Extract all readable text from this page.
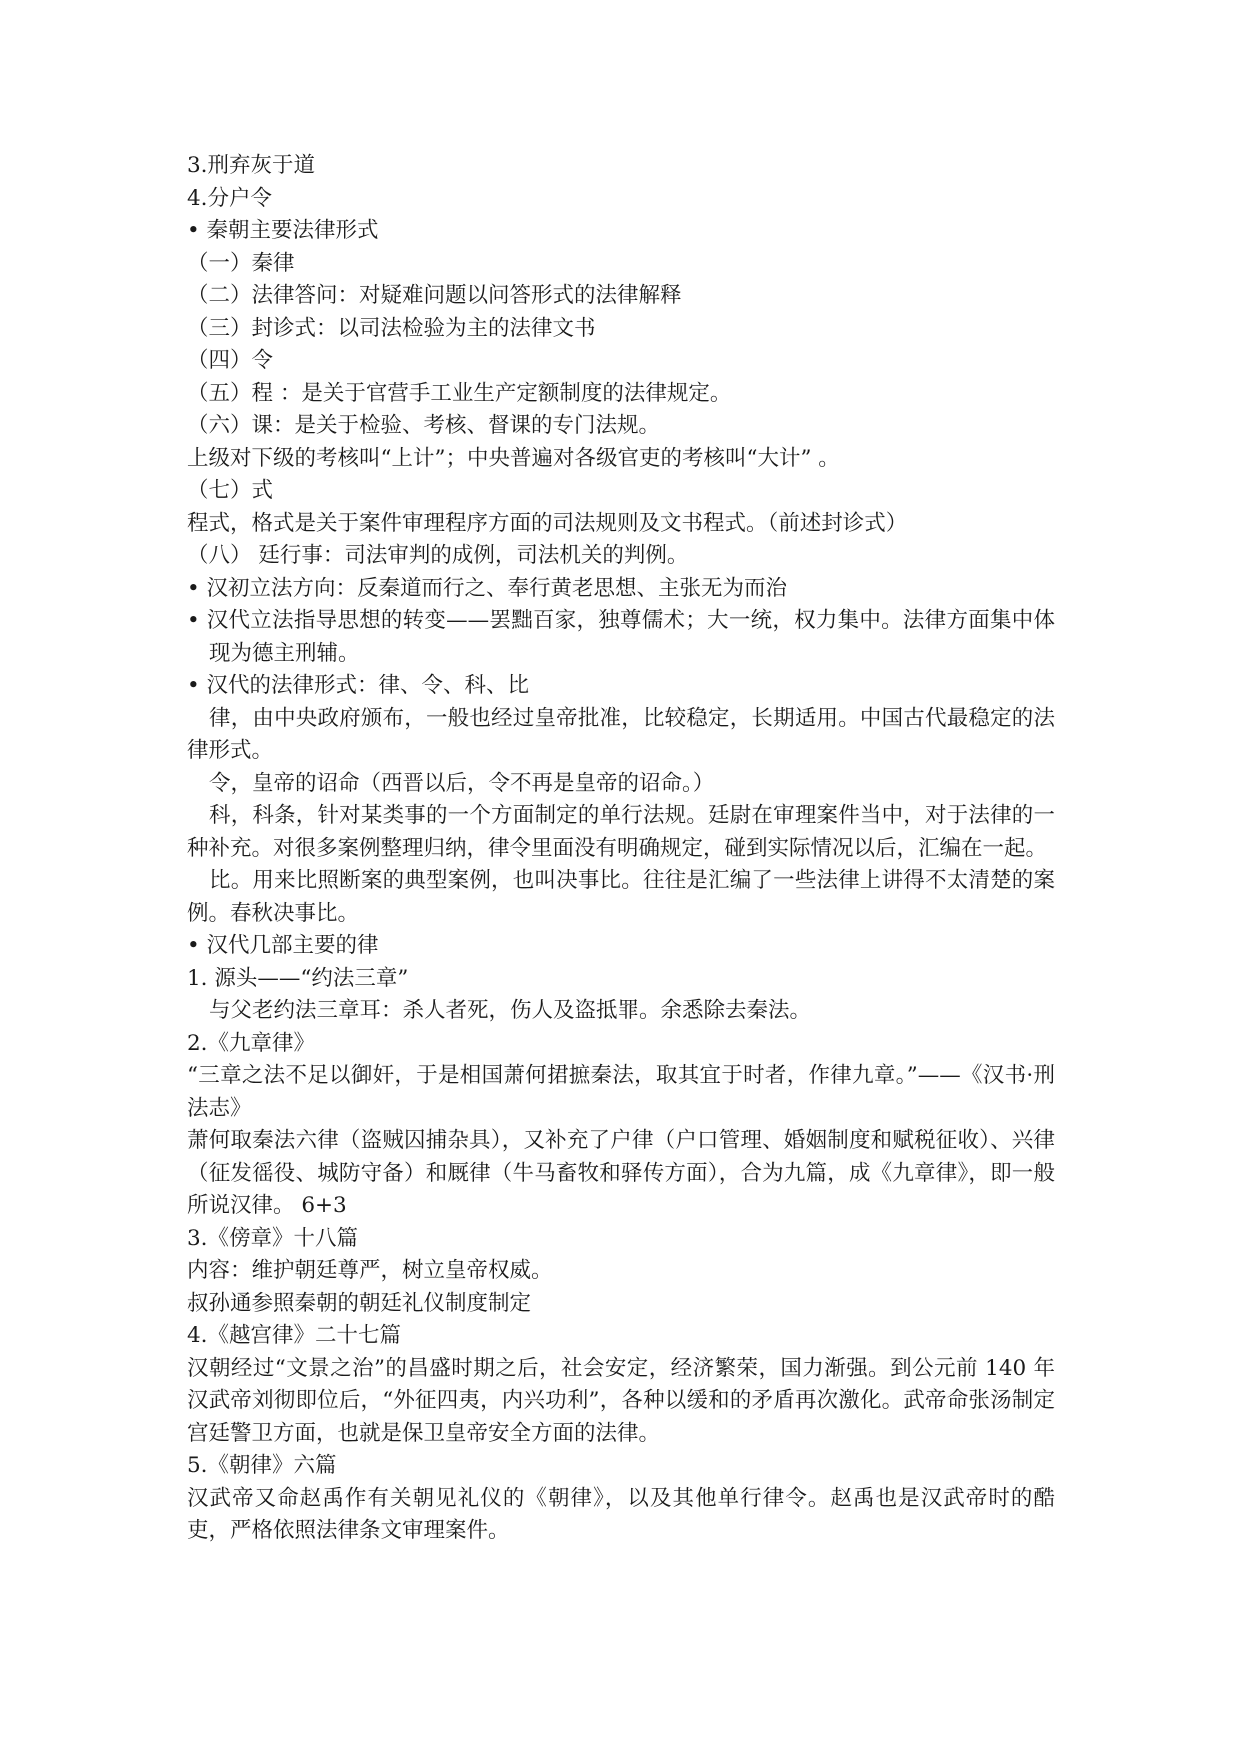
3.刑弃灰于道

4.分户令

• 秦朝主要法律形式

（一）秦律

（二）法律答问：对疑难问题以问答形式的法律解释

（三）封诊式：以司法检验为主的法律文书

（四）令

（五）程 ：是关于官营手工业生产定额制度的法律规定。

（六）课：是关于检验、考核、督课的专门法规。

上级对下级的考核叫“上计”；中央普遍对各级官吏的考核叫“大计” 。

（七）式

程式，格式是关于案件审理程序方面的司法规则及文书程式。（前述封诊式）

（八） 廷行事：司法审判的成例，司法机关的判例。

• 汉初立法方向：反秦道而行之、奉行黄老思想、主张无为而治

• 汉代立法指导思想的转变——罢黜百家，独尊儒术；大一统，权力集中。法律方面集中体现为德主刑辅。

• 汉代的法律形式：律、令、科、比

律，由中央政府颁布，一般也经过皇帝批准，比较稳定，长期适用。中国古代最稳定的法律形式。

令，皇帝的诏命（西晋以后，令不再是皇帝的诏命。）

科，科条，针对某类事的一个方面制定的单行法规。廷尉在审理案件当中，对于法律的一种补充。对很多案例整理归纳，律令里面没有明确规定，碰到实际情况以后，汇编在一起。

比。用来比照断案的典型案例，也叫决事比。往往是汇编了一些法律上讲得不太清楚的案例。春秋决事比。

• 汉代几部主要的律

1. 源头——“约法三章”

与父老约法三章耳：杀人者死，伤人及盗抵罪。余悉除去秦法。

2.《九章律》

“三章之法不足以御奸，于是相国萧何捃摭秦法，取其宜于时者，作律九章。”——《汉书·刑法志》

萧何取秦法六律（盗贼囚捕杂具），又补充了户律（户口管理、婚姻制度和赋税征收）、兴律（征发徭役、城防守备）和厩律（牛马畜牧和驿传方面），合为九篇，成《九章律》，即一般所说汉律。 6+3

3.《傍章》十八篇

内容：维护朝廷尊严，树立皇帝权威。

叔孙通参照秦朝的朝廷礼仪制度制定

4.《越宫律》二十七篇

汉朝经过“文景之治”的昌盛时期之后，社会安定，经济繁荣，国力渐强。到公元前 140 年汉武帝刘彻即位后，“外征四夷，内兴功利”，各种以缓和的矛盾再次激化。武帝命张汤制定宫廷警卫方面，也就是保卫皇帝安全方面的法律。

5.《朝律》六篇

汉武帝又命赵禹作有关朝见礼仪的《朝律》，以及其他单行律令。赵禹也是汉武帝时的酷吏，严格依照法律条文审理案件。
